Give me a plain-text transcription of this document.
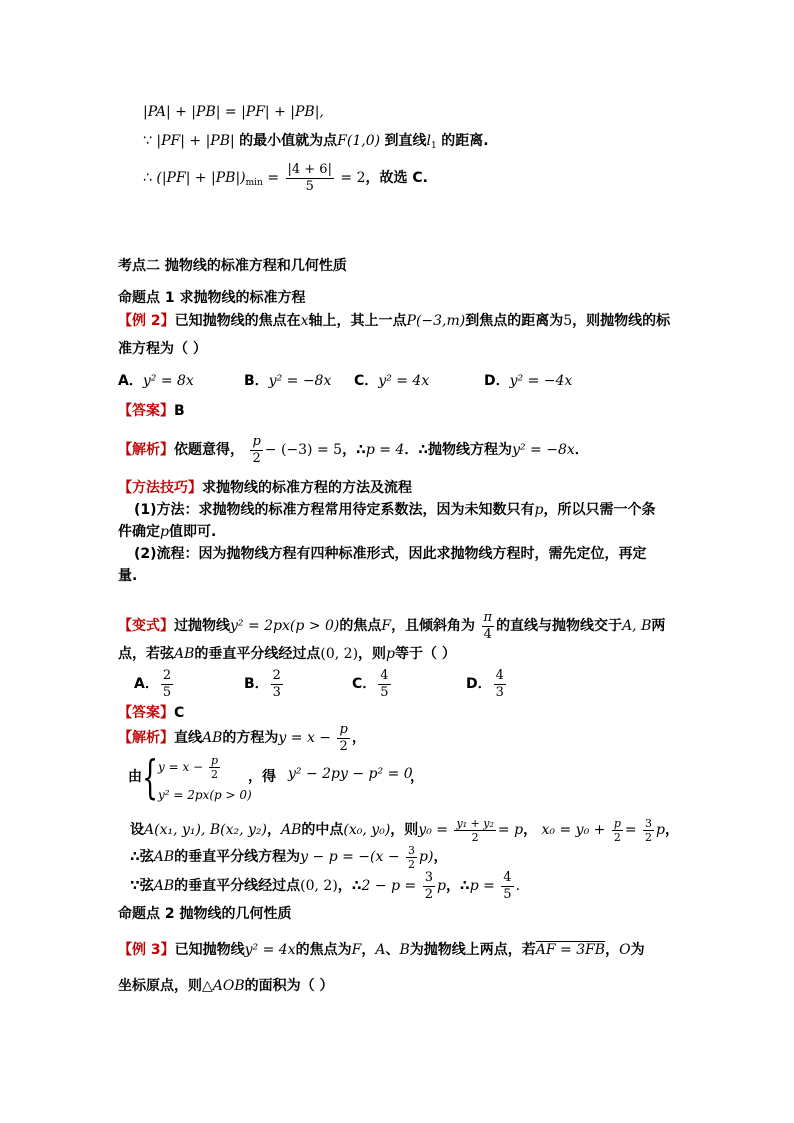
|PA| + |PB| = |PF| + |PB|,
∵ |PF| + |PB| 的最小值就为点F(1,0) 到直线$l_1$ 的距离.
∴ $(|PF| + |PB|)_{min} = \frac{|4 + 6|}{5} = 2$，故选 C.
考点二 抛物线的标准方程和几何性质
命题点 1 求抛物线的标准方程
【例 2】已知抛物线的焦点在x轴上，其上一点P(−3,m)到焦点的距离为5，则抛物线的标
准方程为（ ）
A．y² = 8x	B．y² = −8x C．y² = 4x	D．y² = −4x
【答案】B
【解析】依题意得， $\frac{p}{2} - (-3) = 5$，∴p = 4．∴抛物线方程为y² = −8x．
【方法技巧】求抛物线的标准方程的方法及流程
(1)方法：求抛物线的标准方程常用待定系数法，因为未知数只有p，所以只需一个条
件确定p值即可.
(2)流程：因为抛物线方程有四种标准形式，因此求抛物线方程时，需先定位，再定
量.
【变式】过抛物线y² = 2px(p > 0)的焦点F，且倾斜角为 $\frac{\pi}{4}$ 的直线与抛物线交于A, B两
点，若弦AB的垂直平分线经过点(0, 2)，则p等于（ ）
A． $\frac{2}{5}$	B． $\frac{2}{3}$	C． $\frac{4}{5}$	D． $\frac{4}{3}$
【答案】C
【解析】直线AB的方程为$y = x - \frac{p}{2}$ ，
由 { $y = x - \frac{p}{2}$
y² = 2px(p > 0)
，得 y² − 2py − p² = 0
，
设A(x₁, y₁), B(x₂, y₂)，AB的中点(x₀, y₀)，则$y_0 = \frac{\text{y₁ + y₂}}{2} = p$， $x_0 = y_0 + \frac{p}{2} = \frac{3}{2}$ p，
∴弦AB的垂直平分线方程为$y - p = -(x - \frac{3}{2} p)$，
∵弦AB的垂直平分线经过点(0, 2)，∴2 − $p = \frac{3}{2}$ p，∴p = $\frac{4}{5}$ .
命题点 2 抛物线的几何性质
【例 3】已知抛物线y² = 4x的焦点为F，A、B为抛物线上两点，若AF = 3FB，O为
坐标原点，则△AOB的面积为（ ）
